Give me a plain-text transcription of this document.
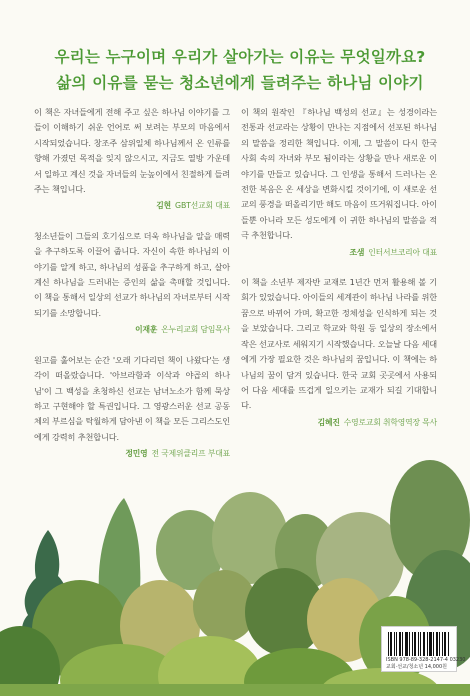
우리는 누구이며 우리가 살아가는 이유는 무엇일까요?
삶의 이유를 묻는 청소년에게 들려주는 하나님 이야기
이 책은 자녀들에게 전해 주고 싶은 하나님 이야기를 그들이 이해하기 쉬운 언어로 써 보려는 부모의 마음에서 시작되었습니다. 창조주 삼위일체 하나님께서 온 인류를 향해 가졌던 목적을 잊지 않으시고, 지금도 열방 가운데서 일하고 계신 것을 자녀들의 눈높이에서 친절하게 들려주는 책입니다.
김현 GBT선교회 대표
청소년들이 그들의 호기심으로 더욱 하나님을 알을 매력을 추구하도록 이끌어 줍니다. 자신이 속한 하나님의 이야기를 알게 하고, 하나님의 성품을 추구하게 하고, 살아 계신 하나님을 드러내는 증인의 삶을 촉매할 것입니다. 이 책을 통해서 일상의 선교가 하나님의 자녀로부터 시작되기를 소망합니다.
이재훈 온누리교회 담임목사
원고를 훑어보는 순간 '오래 기다리던 책이 나왔다'는 생각이 떠올랐습니다. '아브라함과 이삭과 야곱의 하나님'이 그 백성을 초청하신 선교는 남녀노소가 함께 묵상하고 구현해야 할 특권입니다. 그 영광스러운 선교 공동체의 부르심을 탁월하게 담아낸 이 책을 모든 그리스도인에게 강력히 추천합니다.
정민영 전 국제위클리프 부대표
이 책의 원작인 『하나님 백성의 선교』는 성경이라는 전통과 선교라는 상황이 만나는 지점에서 선포된 하나님의 말씀을 정리한 책입니다. 이제, 그 말씀이 다시 한국 사회 속의 자녀와 부모 됨이라는 상황을 만나 새로운 이야기를 만들고 있습니다. 그 인생을 통해서 드러나는 온전한 복음은 온 세상을 변화시킬 것이기에, 이 새로운 선교의 풍경을 떠올리기만 해도 마음이 뜨거워집니다. 아이들뿐 아니라 모든 성도에게 이 귀한 하나님의 말씀을 적극 추천합니다.
조샘 인터서브코리아 대표
이 책을 소년부 제자반 교재로 1년간 먼저 활용해 볼 기회가 있었습니다. 아이들의 세계관이 하나님 나라를 위한 꿈으로 바뀌어 가며, 확고한 정체성을 인식하게 되는 것을 보았습니다. 그리고 학교와 학원 등 일상의 장소에서 작은 선교사로 세워지기 시작했습니다. 오늘날 다음 세대에게 가장 필요한 것은 하나님의 꿈입니다. 이 책에는 하나님의 꿈이 담겨 있습니다. 한국 교회 곳곳에서 사용되어 다음 세대를 뜨겁게 일으키는 교재가 되길 기대합니다.
김혜진 수영로교회 취학영역장 목사
ISBN 978-89-328-2147-4 03230
교회·선교/청소년 14,000원
